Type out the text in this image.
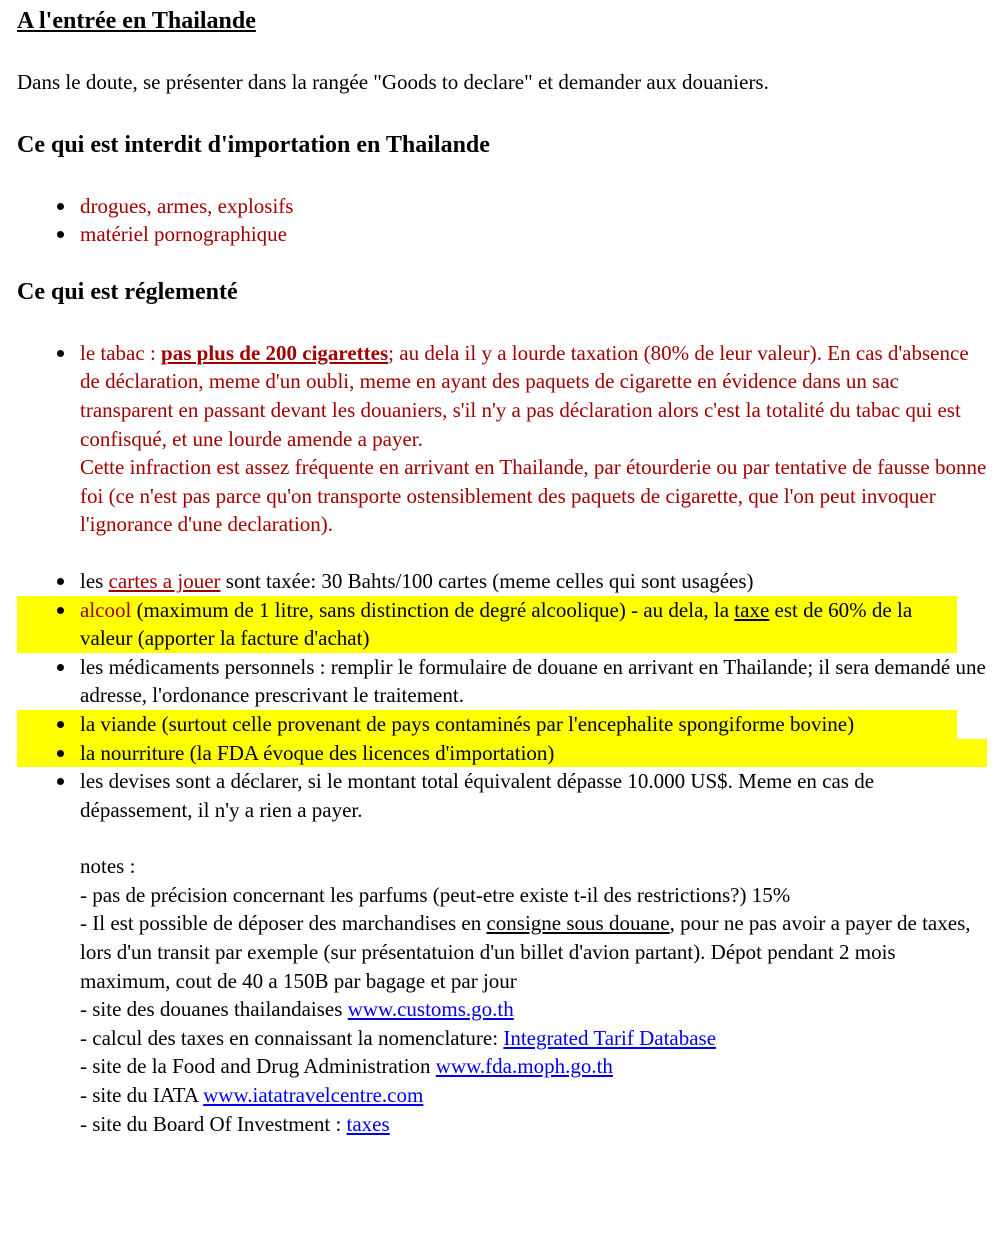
A l'entrée en Thailande

Dans le doute, se présenter dans la rangée "Goods to declare" et demander aux douaniers.

Ce qui est interdit d'importation en Thailande
drogues, armes, explosifs
matériel pornographique
Ce qui est réglementé
le tabac : pas plus de 200 cigarettes; au dela il y a lourde taxation (80% de leur valeur). En cas d'absence de déclaration, meme d'un oubli, meme en ayant des paquets de cigarette en évidence dans un sac transparent en passant devant les douaniers, s'il n'y a pas déclaration alors c'est la totalité du tabac qui est confisqué, et une lourde amende a payer.
Cette infraction est assez fréquente en arrivant en Thailande, par étourderie ou par tentative de fausse bonne foi (ce n'est pas parce qu'on transporte ostensiblement des paquets de cigarette, que l'on peut invoquer l'ignorance d'une declaration).
les cartes a jouer sont taxée: 30 Bahts/100 cartes (meme celles qui sont usagées)
alcool (maximum de 1 litre, sans distinction de degré alcoolique) - au dela, la taxe est de 60% de la valeur (apporter la facture d'achat)
les médicaments personnels : remplir le formulaire de douane en arrivant en Thailande; il sera demandé une adresse, l'ordonance prescrivant le traitement.
la viande (surtout celle provenant de pays contaminés par l'encephalite spongiforme bovine)
la nourriture (la FDA évoque des licences d'importation)
les devises sont a déclarer, si le montant total équivalent dépasse 10.000 US$. Meme en cas de dépassement, il n'y a rien a payer.
notes :
- pas de précision concernant les parfums (peut-etre existe t-il des restrictions?) 15%
- Il est possible de déposer des marchandises en consigne sous douane, pour ne pas avoir a payer de taxes, lors d'un transit par exemple (sur présentatuion d'un billet d'avion partant). Dépot pendant 2 mois maximum, cout de 40 a 150B par bagage et par jour
- site des douanes thailandaises www.customs.go.th
- calcul des taxes en connaissant la nomenclature: Integrated Tarif Database
- site de la Food and Drug Administration www.fda.moph.go.th
- site du IATA www.iatatravelcentre.com
- site du Board Of Investment : taxes
